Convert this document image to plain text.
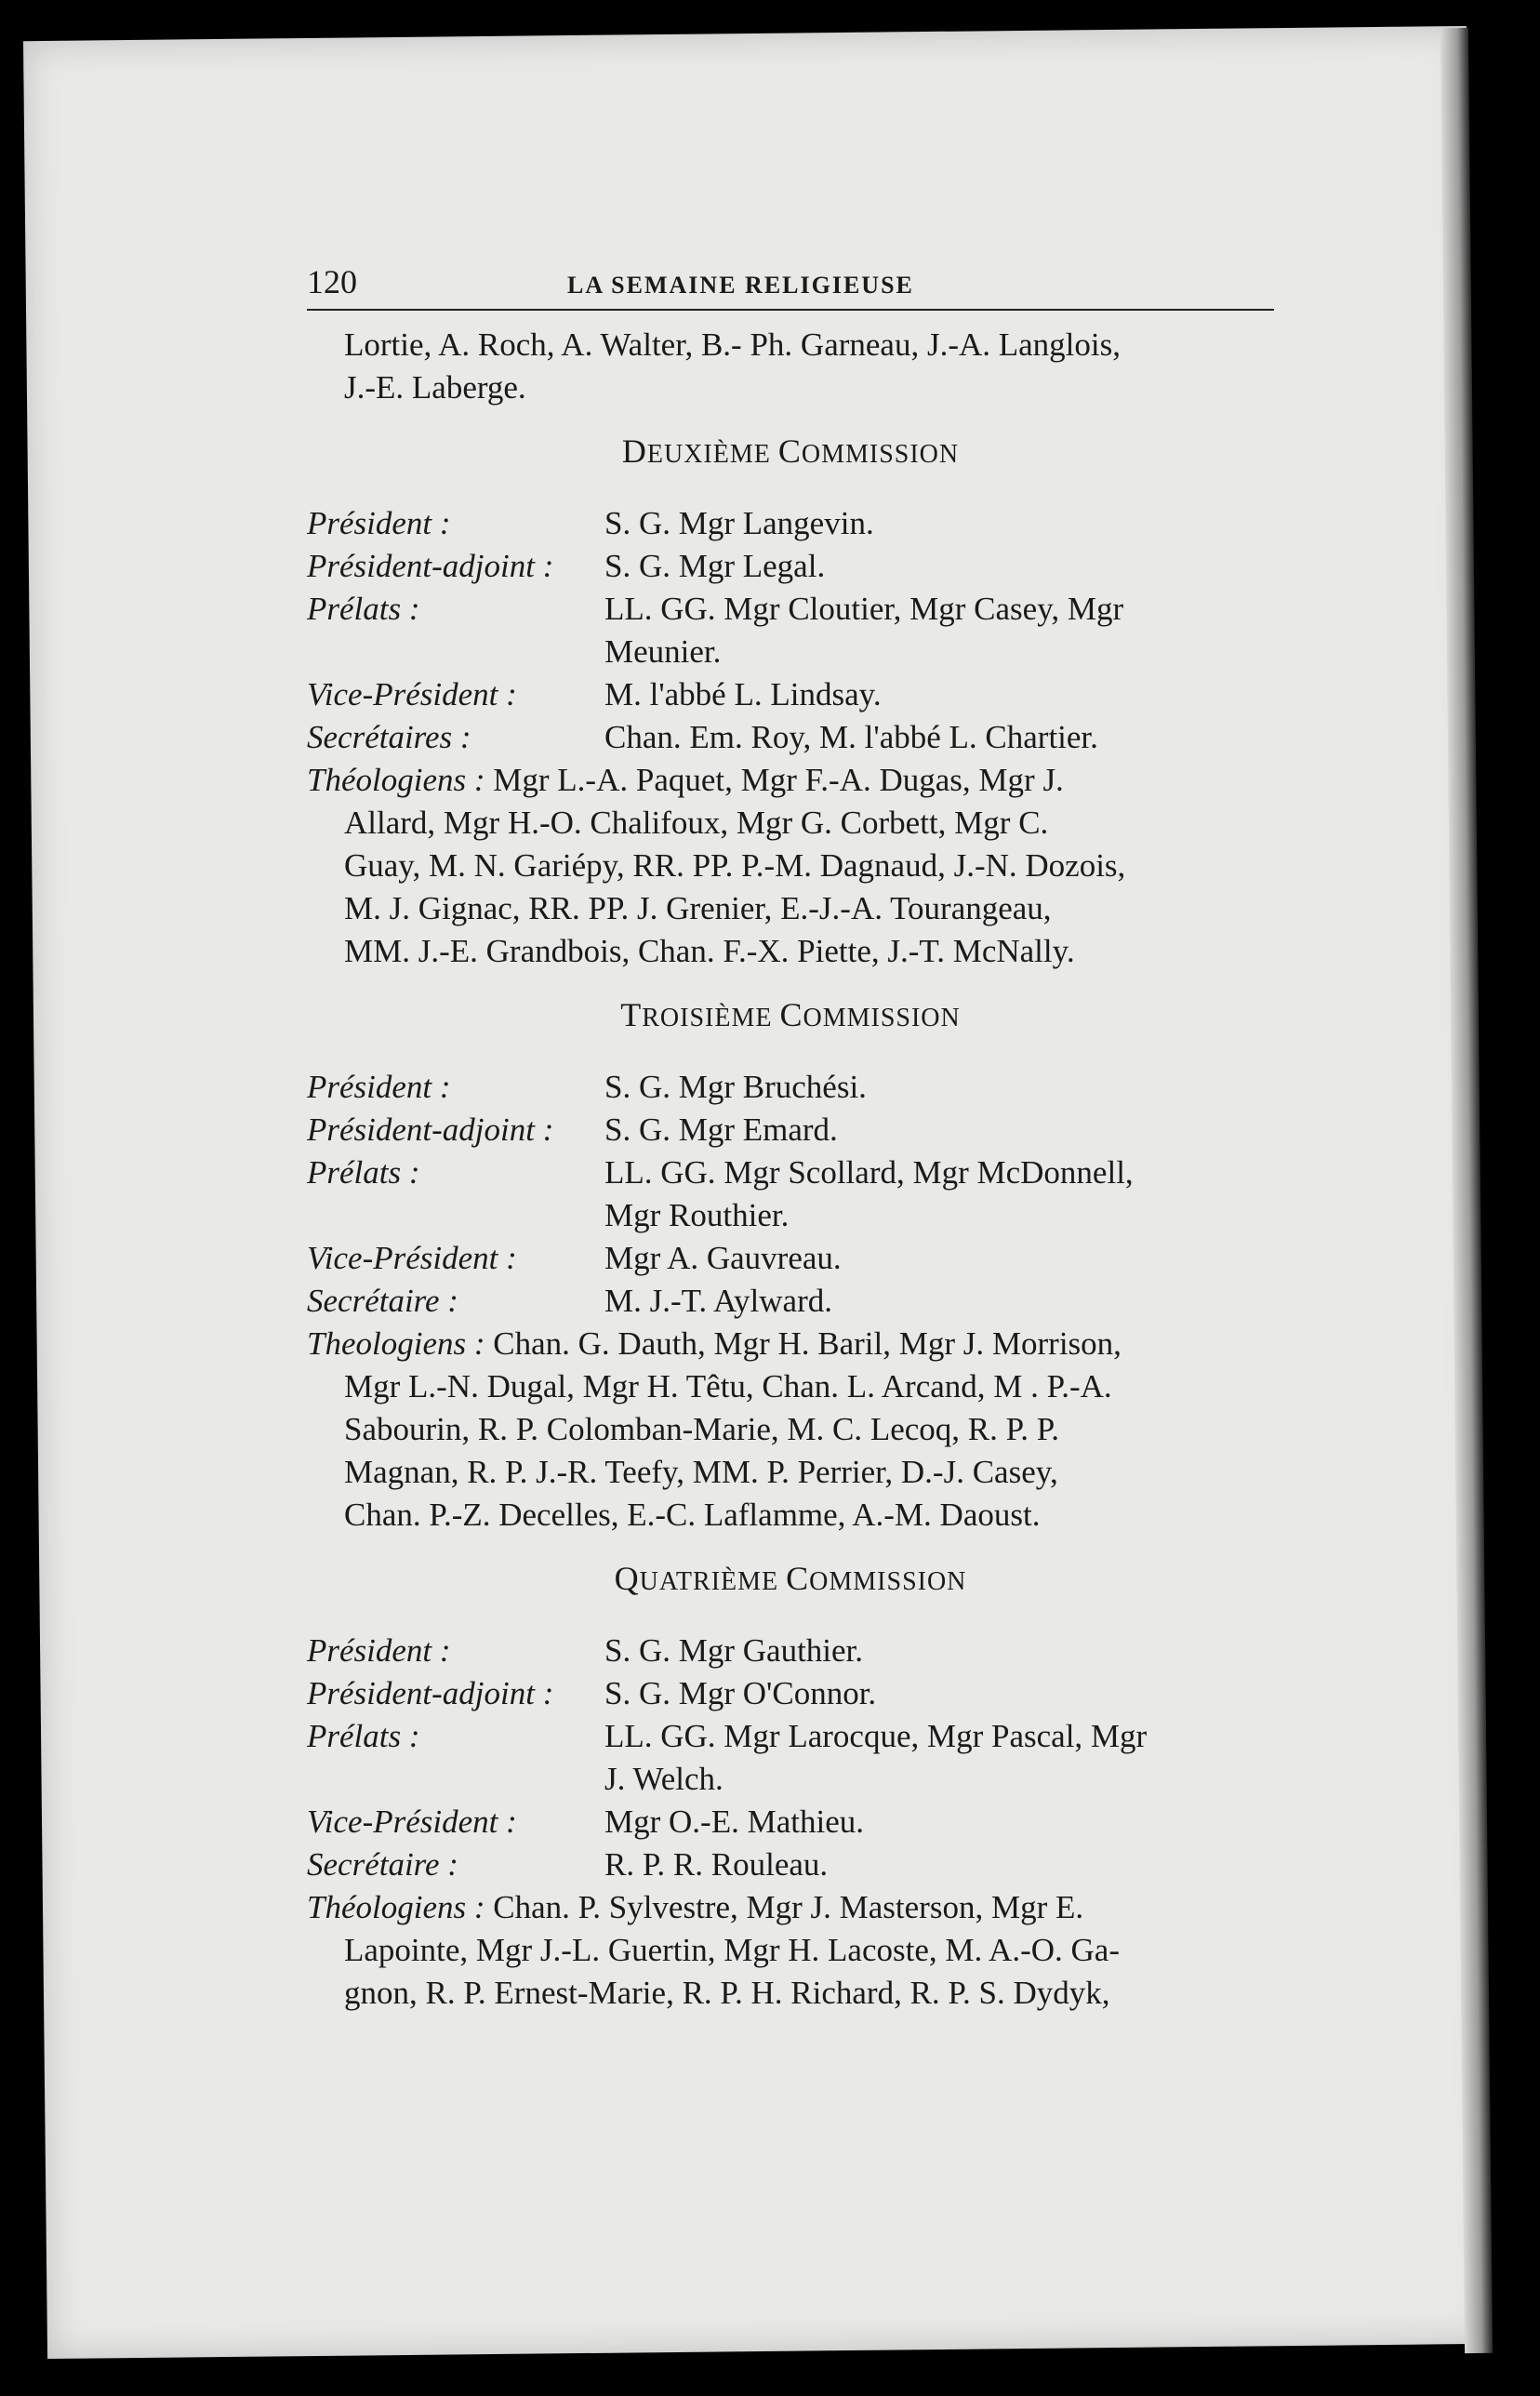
120	LA SEMAINE RELIGIEUSE
Lortie, A. Roch, A. Walter, B.- Ph. Garneau, J.-A. Langlois,
J.-E. Laberge.
DEUXIÈME COMMISSION
Président :	S. G. Mgr Langevin.
Président-adjoint :	S. G. Mgr Legal.
Prélats :	LL. GG. Mgr Cloutier, Mgr Casey, Mgr
Meunier.
Vice-Président :	M. l'abbé L. Lindsay.
Secrétaires :	Chan. Em. Roy, M. l'abbé L. Chartier.
Théologiens : Mgr L.-A. Paquet, Mgr F.-A. Dugas, Mgr J.
Allard, Mgr H.-O. Chalifoux, Mgr G. Corbett, Mgr C.
Guay, M. N. Gariépy, RR. PP. P.-M. Dagnaud, J.-N. Dozois,
M. J. Gignac, RR. PP. J. Grenier, E.-J.-A. Tourangeau,
MM. J.-E. Grandbois, Chan. F.-X. Piette, J.-T. McNally.
TROISIÈME COMMISSION
Président :	S. G. Mgr Bruchési.
Président-adjoint :	S. G. Mgr Emard.
Prélats :	LL. GG. Mgr Scollard, Mgr McDonnell,
Mgr Routhier.
Vice-Président :	Mgr A. Gauvreau.
Secrétaire :	M. J.-T. Aylward.
Theologiens : Chan. G. Dauth, Mgr H. Baril, Mgr J. Morrison,
Mgr L.-N. Dugal, Mgr H. Têtu, Chan. L. Arcand, M . P.-A.
Sabourin, R. P. Colomban-Marie, M. C. Lecoq, R. P. P.
Magnan, R. P. J.-R. Teefy, MM. P. Perrier, D.-J. Casey,
Chan. P.-Z. Decelles, E.-C. Laflamme, A.-M. Daoust.
QUATRIÈME COMMISSION
Président :	S. G. Mgr Gauthier.
Président-adjoint :	S. G. Mgr O'Connor.
Prélats :	LL. GG. Mgr Larocque, Mgr Pascal, Mgr
J. Welch.
Vice-Président :	Mgr O.-E. Mathieu.
Secrétaire :	R. P. R. Rouleau.
Théologiens : Chan. P. Sylvestre, Mgr J. Masterson, Mgr E.
Lapointe, Mgr J.-L. Guertin, Mgr H. Lacoste, M. A.-O. Ga-
gnon, R. P. Ernest-Marie, R. P. H. Richard, R. P. S. Dydyk,
